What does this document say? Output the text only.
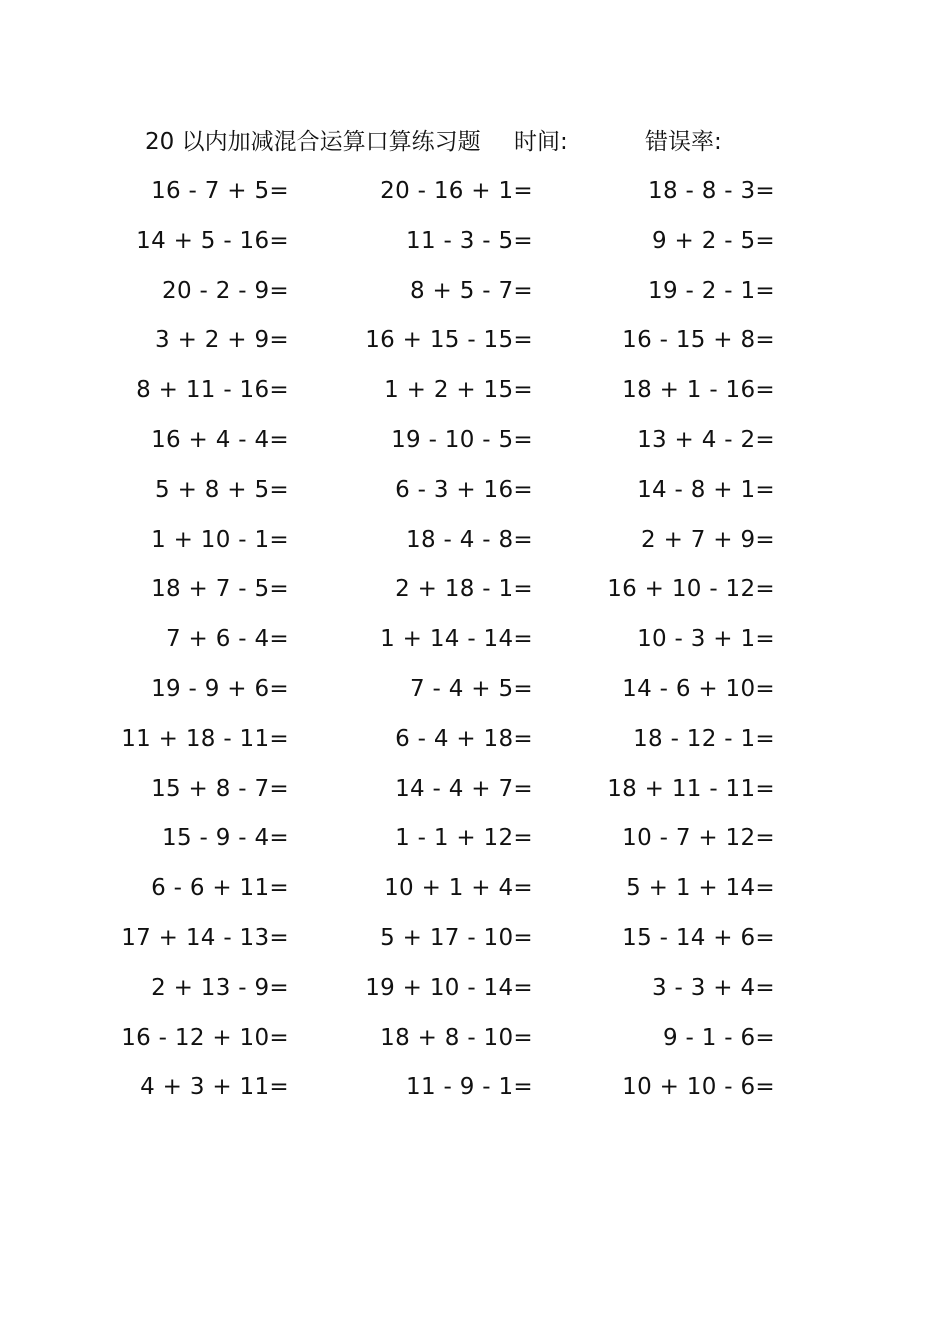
20 以内加减混合运算口算练习题 时间:	错误率:
16 - 7 + 5=	20 - 16 + 1=	18 - 8 - 3=
14 + 5 - 16=	11 - 3 - 5=	9 + 2 - 5=
20 - 2 - 9=	8 + 5 - 7=	19 - 2 - 1=
3 + 2 + 9=	16 + 15 - 15=	16 - 15 + 8=
8 + 11 - 16=	1 + 2 + 15=	18 + 1 - 16=
16 + 4 - 4=	19 - 10 - 5=	13 + 4 - 2=
5 + 8 + 5=	6 - 3 + 16=	14 - 8 + 1=
1 + 10 - 1=	18 - 4 - 8=	2 + 7 + 9=
18 + 7 - 5=	2 + 18 - 1=	16 + 10 - 12=
7 + 6 - 4=	1 + 14 - 14=	10 - 3 + 1=
19 - 9 + 6=	7 - 4 + 5=	14 - 6 + 10=
11 + 18 - 11=	6 - 4 + 18=	18 - 12 - 1=
15 + 8 - 7=	14 - 4 + 7=	18 + 11 - 11=
15 - 9 - 4=	1 - 1 + 12=	10 - 7 + 12=
6 - 6 + 11=	10 + 1 + 4=	5 + 1 + 14=
17 + 14 - 13=	5 + 17 - 10=	15 - 14 + 6=
2 + 13 - 9=	19 + 10 - 14=	3 - 3 + 4=
16 - 12 + 10=	18 + 8 - 10=	9 - 1 - 6=
4 + 3 + 11=	11 - 9 - 1=	10 + 10 - 6=
